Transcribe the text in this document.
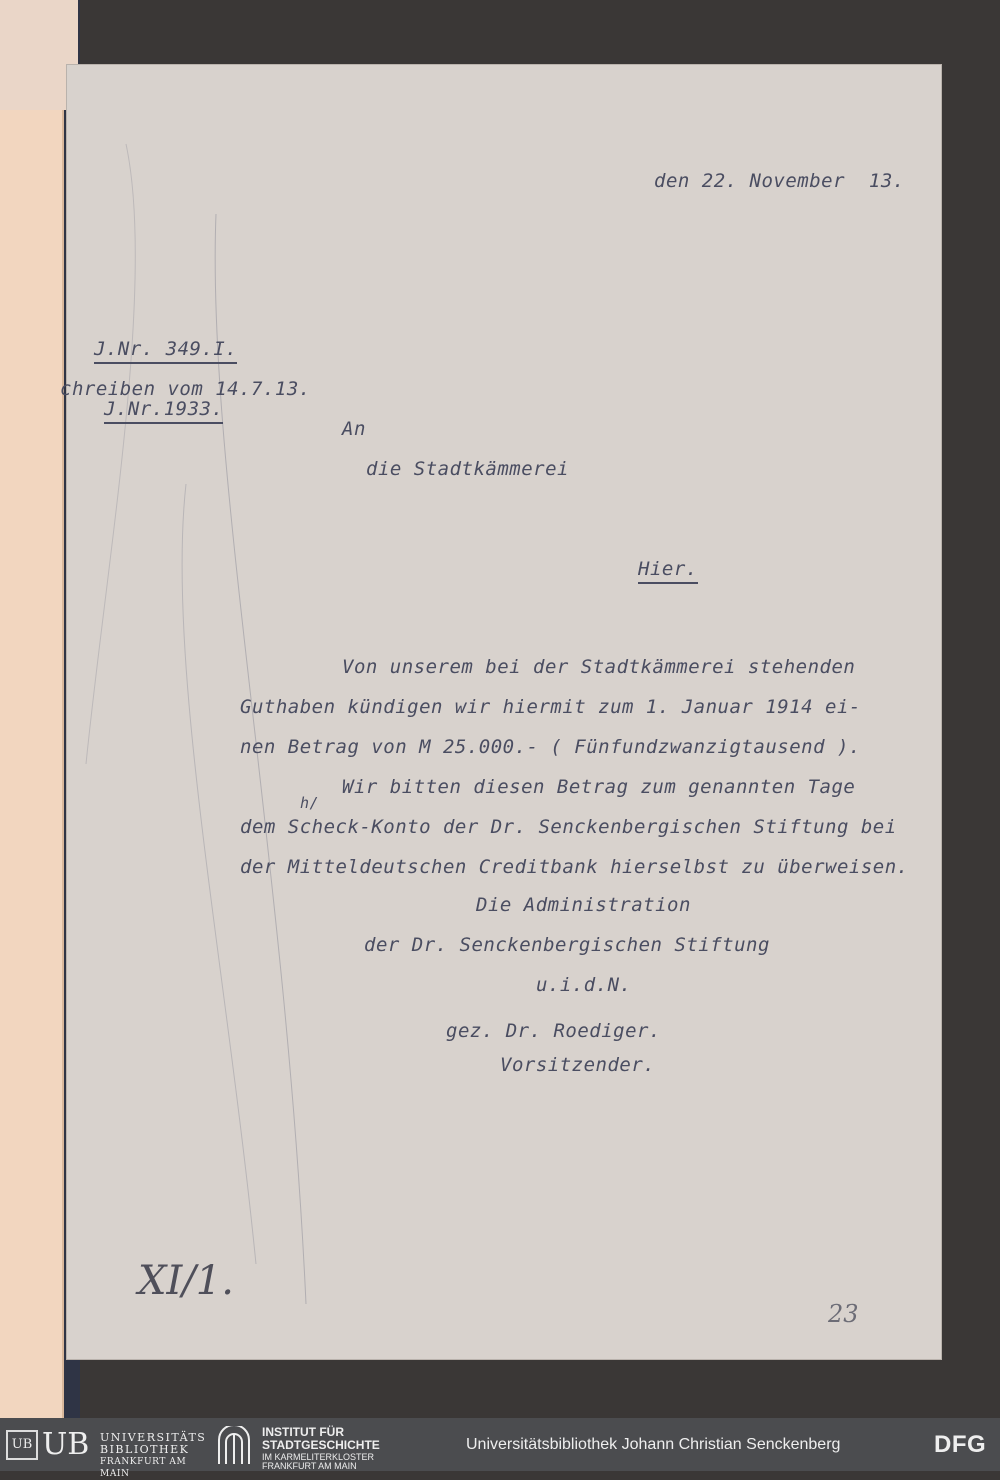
den 22. November  13.
J.Nr. 349.I.
chreiben vom 14.7.13.
J.Nr.1933.
An
die Stadtkämmerei
Hier.
Von unserem bei der Stadtkämmerei stehenden
Guthaben kündigen wir hiermit zum 1. Januar 1914 ei-
nen Betrag von M 25.000.- ( Fünfundzwanzigtausend ).
Wir bitten diesen Betrag zum genannten Tage
h/
dem Scheck-Konto der Dr. Senckenbergischen Stiftung bei
der Mitteldeutschen Creditbank hierselbst zu überweisen.
Die Administration
der Dr. Senckenbergischen Stiftung
u.i.d.N.
gez. Dr. Roediger.
Vorsitzender.
XI/1.
23
UB UB UNIVERSITÄTS
BIBLIOTHEK
FRANKFURT AM MAIN
INSTITUT FÜR
STADTGESCHICHTE
IM KARMELITERKLOSTER
FRANKFURT AM MAIN
Universitätsbibliothek Johann Christian Senckenberg	DFG
